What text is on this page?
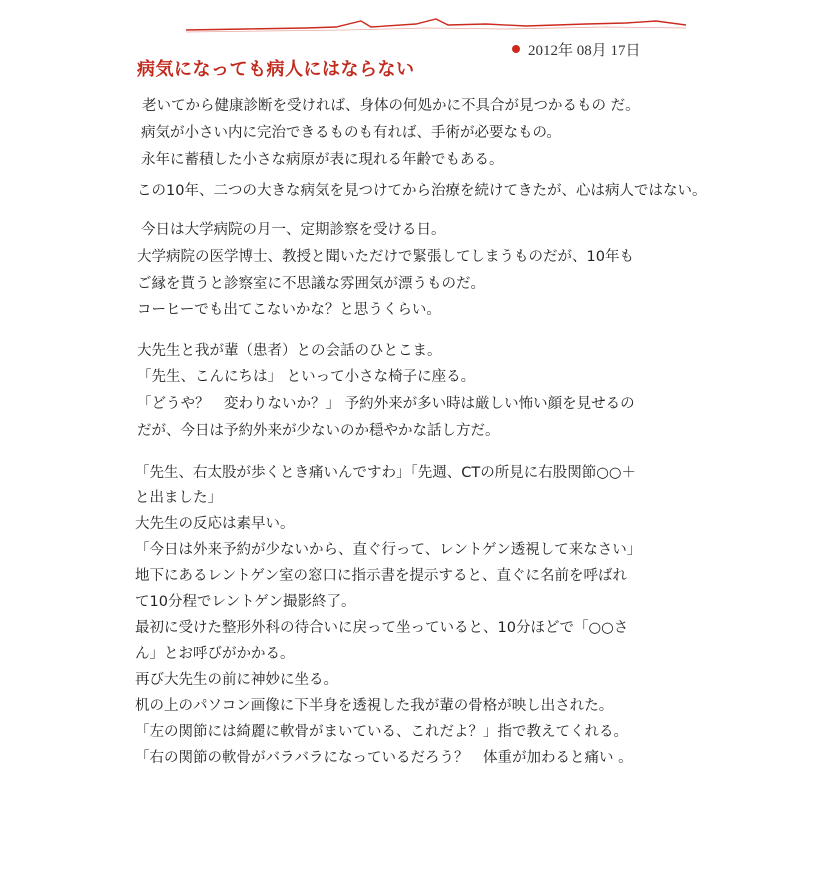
2012年 08月 17日
病気になっても病人にはならない

老いてから健康診断を受ければ、身体の何処かに不具合が見つかるもの だ。

病気が小さい内に完治できるものも有れば、手術が必要なもの。

永年に蓄積した小さな病原が表に現れる年齢でもある。

この10年、二つの大きな病気を見つけてから治療を続けてきたが、心は病人ではない。

今日は大学病院の月一、定期診察を受ける日。

大学病院の医学博士、教授と聞いただけで緊張してしまうものだが、10年も

ご縁を貰うと診察室に不思議な雰囲気が漂うものだ。

コーヒーでも出てこないかな？と思うくらい。

大先生と我が輩（患者）との会話のひとこま。

「先生、こんにちは」 といって小さな椅子に座る。

「どうや？　変わりないか？」 予約外来が多い時は厳しい怖い顔を見せるの

だが、今日は予約外来が少ないのか穏やかな話し方だ。

「先生、右太股が歩くとき痛いんですわ」「先週、CTの所見に右股関節○○＋

と出ました」

大先生の反応は素早い。

「今日は外来予約が少ないから、直ぐ行って、レントゲン透視して来なさい」

地下にあるレントゲン室の窓口に指示書を提示すると、直ぐに名前を呼ばれ

て10分程でレントゲン撮影終了。

最初に受けた整形外科の待合いに戻って坐っていると、10分ほどで「○○さ

ん」とお呼びがかかる。

再び大先生の前に神妙に坐る。

机の上のパソコン画像に下半身を透視した我が輩の骨格が映し出された。

「左の関節には綺麗に軟骨がまいている、これだよ？」指で教えてくれる。

「右の関節の軟骨がバラバラになっているだろう？　体重が加わると痛い 。
